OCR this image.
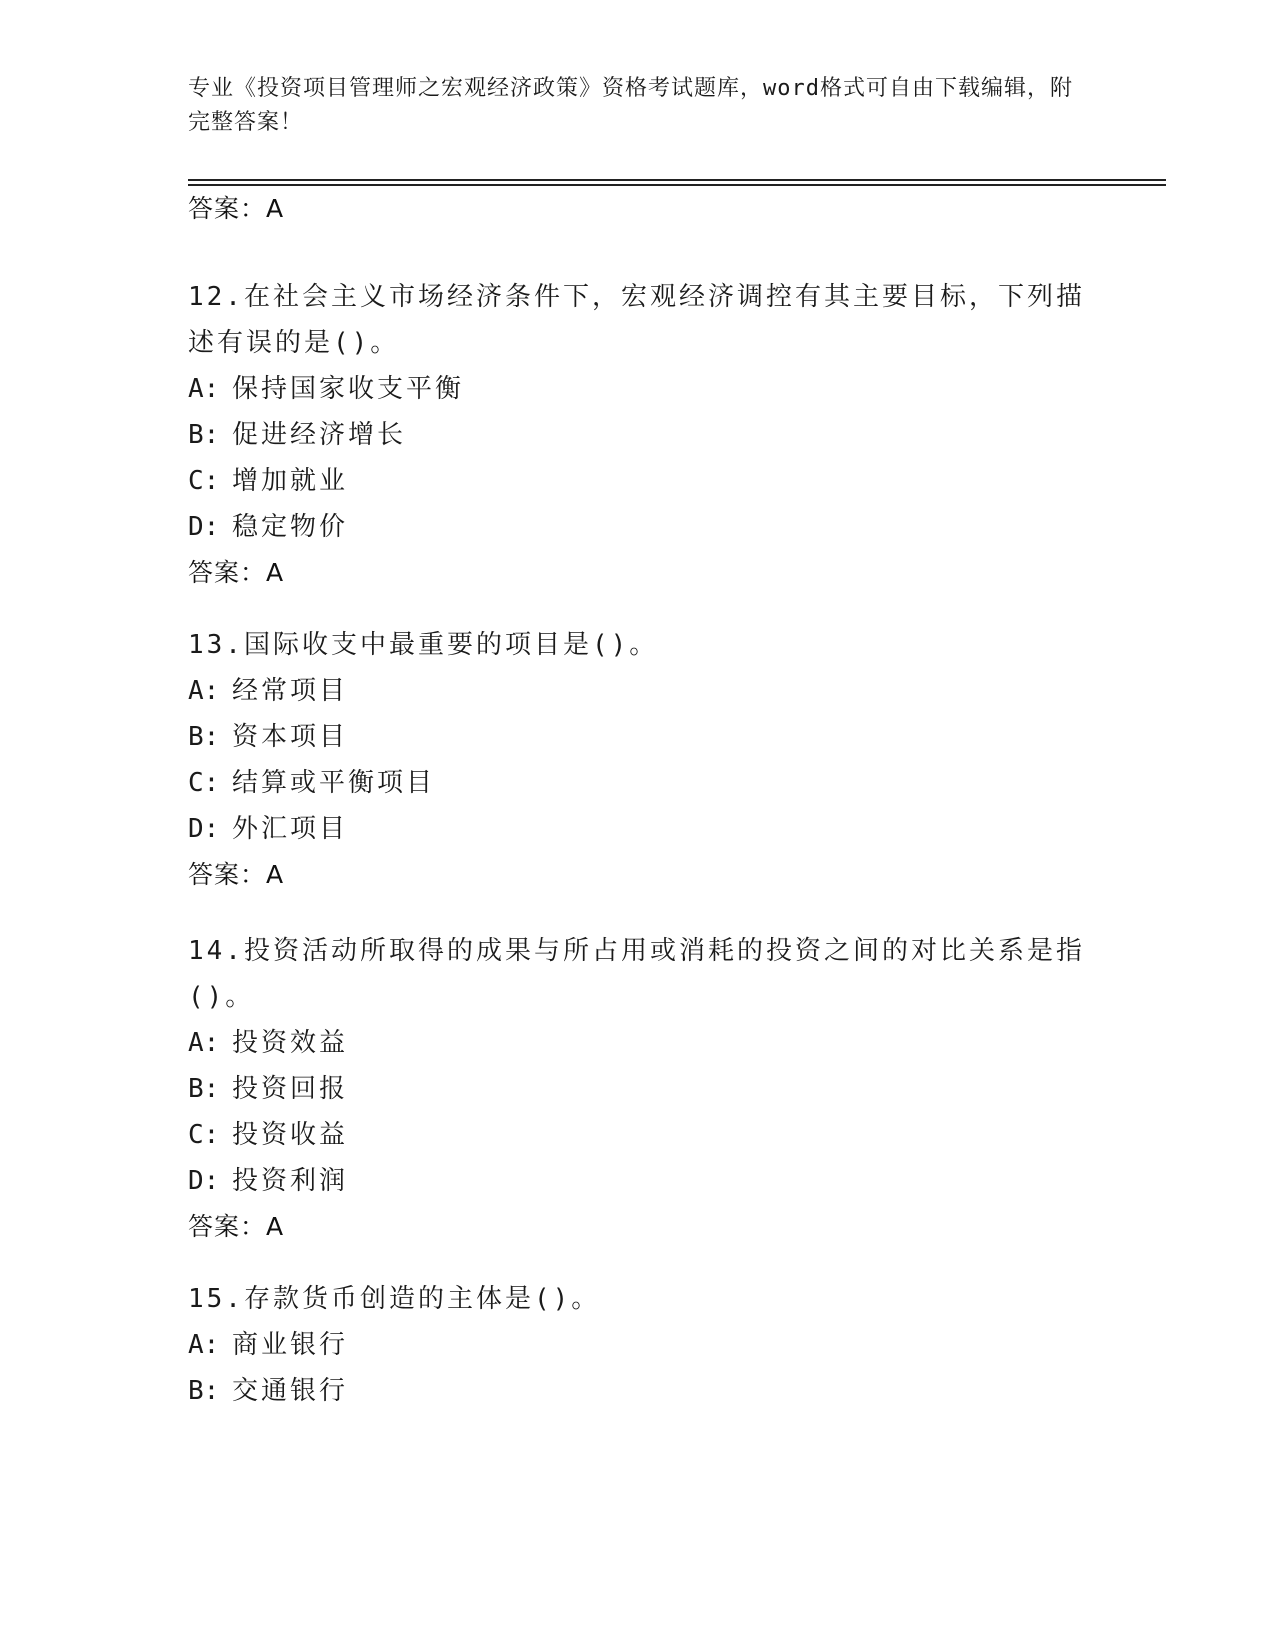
专业《投资项目管理师之宏观经济政策》资格考试题库，word格式可自由下载编辑，附完整答案！
答案：A

12.在社会主义市场经济条件下，宏观经济调控有其主要目标，下列描述有误的是()。

A: 保持国家收支平衡
B: 促进经济增长
C: 增加就业
D: 稳定物价
答案：A

13.国际收支中最重要的项目是()。

A: 经常项目
B: 资本项目
C: 结算或平衡项目
D: 外汇项目
答案：A

14.投资活动所取得的成果与所占用或消耗的投资之间的对比关系是指()。

A: 投资效益
B: 投资回报
C: 投资收益
D: 投资利润
答案：A

15.存款货币创造的主体是()。

A: 商业银行
B: 交通银行
